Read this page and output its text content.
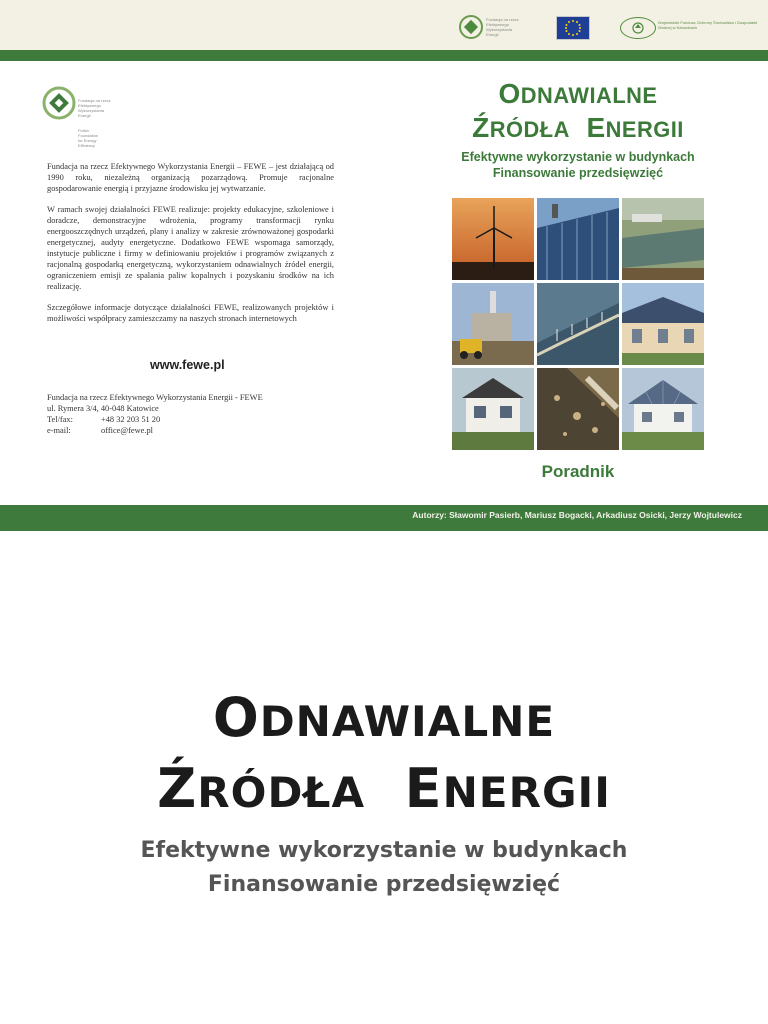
Fundacja na rzecz
Efektywnego
Wykorzystania
Energii
Wojewódzki Fundusz Ochrony Środowiska i Gospodarki Wodnej w Katowicach
Fundacja na rzecz
Efektywnego
Wykorzystania
Energii
Polish
Foundation
for Energy
Efficiency
Fundacja na rzecz Efektywnego Wykorzystania Energii – FEWE – jest działającą od 1990 roku, niezależną organizacją pozarządową. Promuje racjonalne gospodarowanie energią i przyjazne środowisku jej wytwarzanie.
W ramach swojej działalności FEWE realizuje: projekty edukacyjne, szkoleniowe i doradcze, demonstracyjne wdrożenia, programy transformacji rynku energooszczędnych urządzeń, plany i analizy w zakresie zrównoważonej gospodarki energetycznej, audyty energetyczne. Dodatkowo FEWE wspomaga samorządy, instytucje publiczne i firmy w definiowaniu projektów i programów związanych z racjonalną gospodarką energetyczną, wykorzystaniem odnawialnych źródeł energii, ograniczeniem emisji ze spalania paliw kopalnych i pozyskaniu środków na ich realizację.
Szczegółowe informacje dotyczące działalności FEWE, realizowanych projektów i możliwości współpracy zamieszczamy na naszych stronach internetowych
www.fewe.pl
Fundacja na rzecz Efektywnego Wykorzystania Energii - FEWE
ul. Rymera 3/4, 40-048 Katowice
Tel/fax:	+48 32 203 51 20
e-mail:	office@fewe.pl
ODNAWIALNE
ŹRÓDŁA ENERGII
Efektywne wykorzystanie w budynkach
Finansowanie przedsięwzięć
Poradnik
Autorzy: Sławomir Pasierb, Mariusz Bogacki, Arkadiusz Osicki, Jerzy Wojtulewicz
ODNAWIALNE
ŹRÓDŁA ENERGII
Efektywne wykorzystanie w budynkach
Finansowanie przedsięwzięć
